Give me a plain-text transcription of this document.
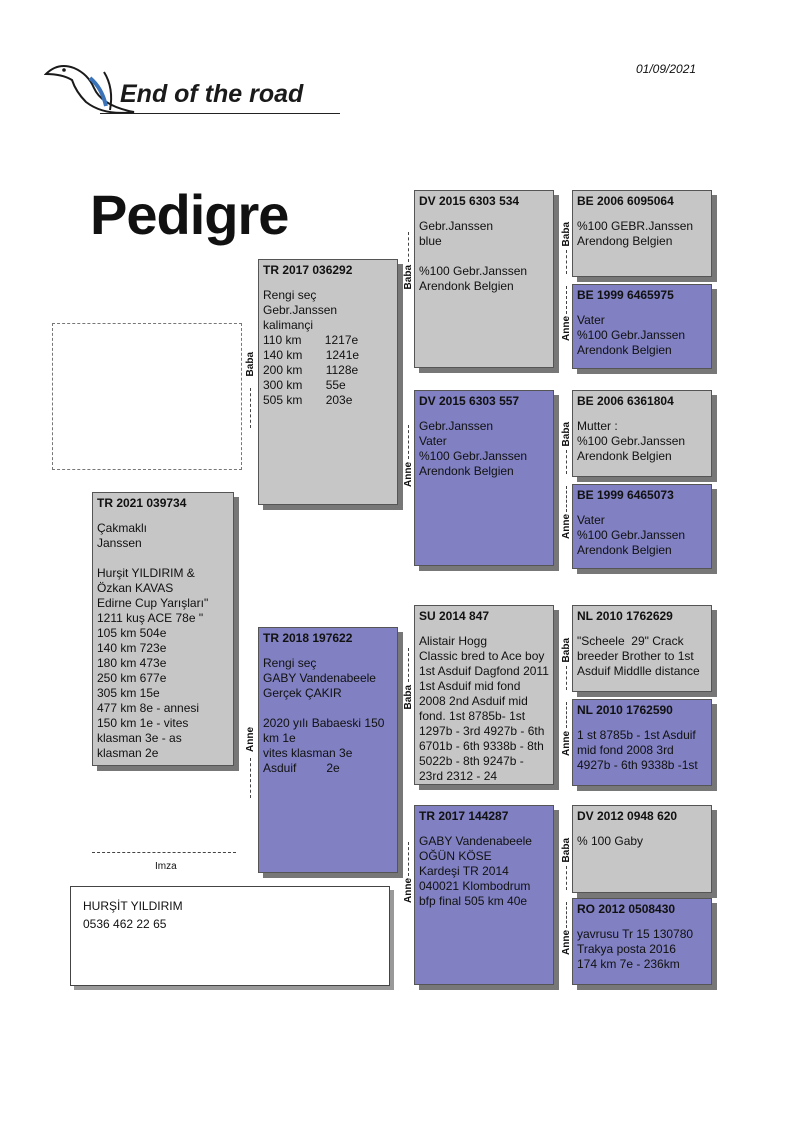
01/09/2021
End of the road
Pedigre
TR 2021 039734
Çakmaklı
Janssen

Hurşit YILDIRIM &
Özkan KAVAS
Edirne Cup Yarışları"
1211 kuş ACE 78e "
105 km 504e
140 km 723e
180 km 473e
250 km 677e
305 km 15e
477 km 8e - annesi
150 km 1e - vites
klasman 3e - as
klasman 2e
Baba
TR 2017 036292
Rengi seç
Gebr.Janssen
kalimançi
110 km       1217e
140 km       1241e
200 km       1128e
300 km       55e
505 km       203e
Anne
TR 2018 197622
Rengi seç
GABY Vandenabeele
Gerçek ÇAKIR

2020 yılı Babaeski 150 km 1e
vites klasman 3e
Asduif         2e
Baba
DV 2015 6303 534
Gebr.Janssen
blue

%100 Gebr.Janssen
Arendonk Belgien
Anne
DV 2015 6303 557
Gebr.Janssen
Vater
%100 Gebr.Janssen
Arendonk Belgien
Baba
SU 2014 847
Alistair Hogg
Classic bred to Ace boy 1st Asduif Dagfond 2011 1st Asduif mid fond 2008 2nd Asduif mid fond. 1st 8785b- 1st 1297b - 3rd 4927b - 6th 6701b - 6th 9338b - 8th 5022b - 8th 9247b - 23rd 2312 - 24
Anne
TR 2017 144287
GABY Vandenabeele
OĞÜN KÖSE
Kardeşi TR 2014 040021 Klombodrum bfp final 505 km 40e
Baba
BE 2006 6095064
%100 GEBR.Janssen
Arendong Belgien
Anne
BE 1999 6465975
Vater
%100 Gebr.Janssen
Arendonk Belgien
Baba
BE 2006 6361804
Mutter :
%100 Gebr.Janssen
Arendonk Belgien
Anne
BE 1999 6465073
Vater
%100 Gebr.Janssen
Arendonk Belgien
Baba
NL 2010 1762629
"Scheele  29" Crack breeder Brother to 1st Asduif Middlle distance
Anne
NL 2010 1762590
1 st 8785b - 1st Asduif mid fond 2008 3rd 4927b - 6th 9338b -1st
Baba
DV 2012 0948 620
% 100 Gaby
Anne
RO 2012 0508430
yavrusu Tr 15 130780 Trakya posta 2016
174 km 7e - 236km
Imza
HURŞİT YILDIRIM
0536 462 22 65
